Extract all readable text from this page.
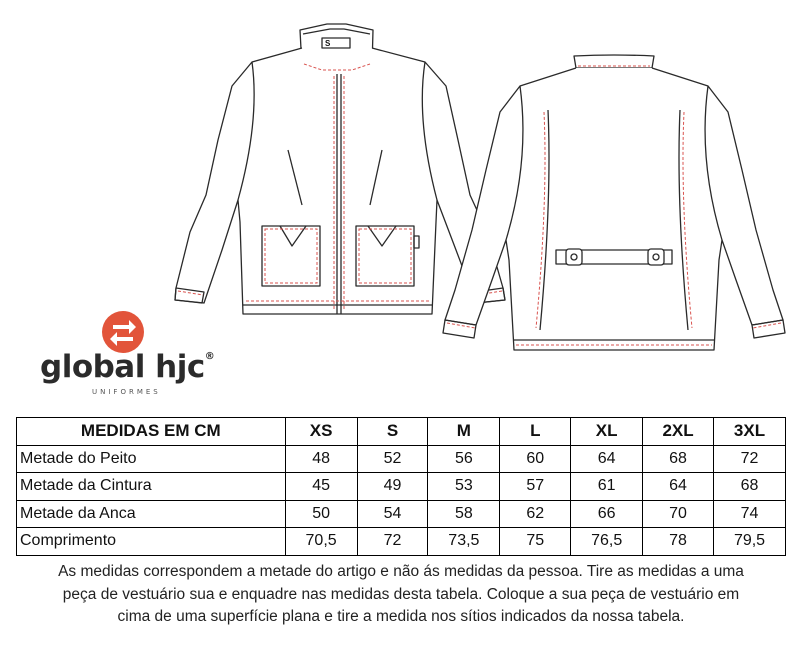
S
global hjc®
UNIFORMES
MEDIDAS EM CM	XS	S	M	L	XL	2XL	3XL
Metade do Peito	48	52	56	60	64	68	72
Metade da Cintura	45	49	53	57	61	64	68
Metade da Anca	50	54	58	62	66	70	74
Comprimento	70,5	72	73,5	75	76,5	78	79,5
As medidas correspondem a metade do artigo e não ás medidas da pessoa. Tire as medidas a uma
peça de vestuário sua e enquadre nas medidas desta tabela. Coloque a sua peça de vestuário em
cima de uma superfície plana e tire a medida nos sítios indicados da nossa tabela.
